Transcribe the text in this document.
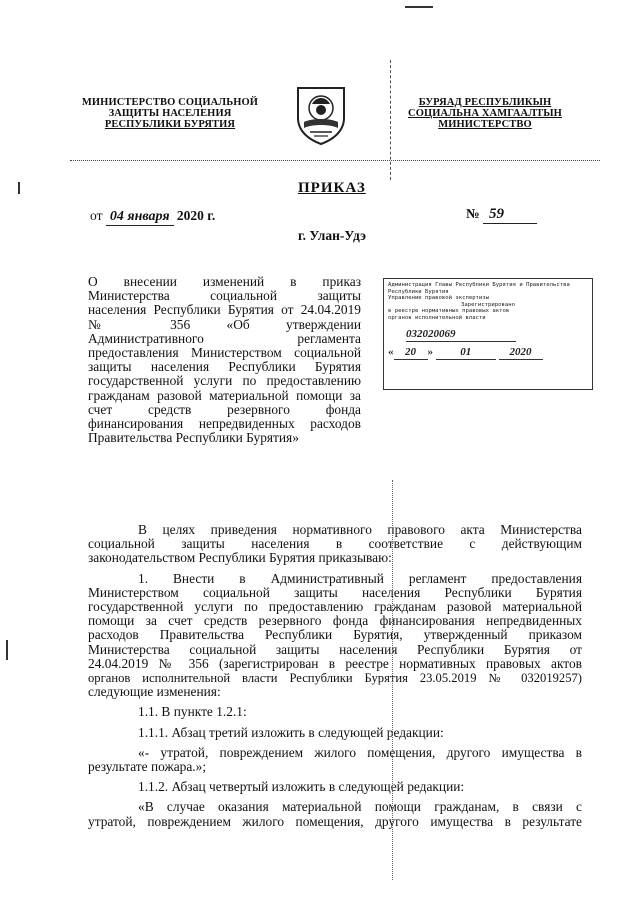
МИНИСТЕРСТВО СОЦИАЛЬНОЙ
ЗАЩИТЫ НАСЕЛЕНИЯ
РЕСПУБЛИКИ БУРЯТИЯ
БУРЯАД РЕСПУБЛИКЫН
СОЦИАЛЬНА ХАМГААЛТЫН
МИНИСТЕРСТВО
ПРИКАЗ
от 04 января 2020 г.	№ 59
г. Улан-Удэ
О внесении изменений в приказ
Министерства социальной защиты
населения Республики Бурятия от 24.04.2019
№ 356 «Об утверждении
Административного регламента
предоставления Министерством социальной
защиты населения Республики Бурятия
государственной услуги по предоставлению
гражданам разовой материальной помощи за
счет средств резервного фонда
финансирования непредвиденных расходов
Правительства Республики Бурятия»
Администрация Главы Республики Бурятия и Правительства
Республики Бурятия
Управление правовой экспертизы
Зарегистрировано
в реестре нормативных правовых актов
органов исполнительной власти
032020069
« 20 » 01	2020
В целях приведения нормативного правового акта Министерства
социальной защиты населения в соответствие с действующим
законодательством Республики Бурятия приказываю:
1. Внести в Административный регламент предоставления
Министерством социальной защиты населения Республики Бурятия
государственной услуги по предоставлению гражданам разовой материальной
помощи за счет средств резервного фонда финансирования непредвиденных
расходов Правительства Республики Бурятия, утвержденный приказом
Министерства социальной защиты населения Республики Бурятия от
24.04.2019 № 356 (зарегистрирован в реестре нормативных правовых актов
органов исполнительной власти Республики Бурятия 23.05.2019 № 032019257)
следующие изменения:
1.1. В пункте 1.2.1:
1.1.1. Абзац третий изложить в следующей редакции:
«- утратой, повреждением жилого помещения, другого имущества в
результате пожара.»;
1.1.2. Абзац четвертый изложить в следующей редакции:
«В случае оказания материальной помощи гражданам, в связи с
утратой, повреждением жилого помещения, другого имущества в результате
